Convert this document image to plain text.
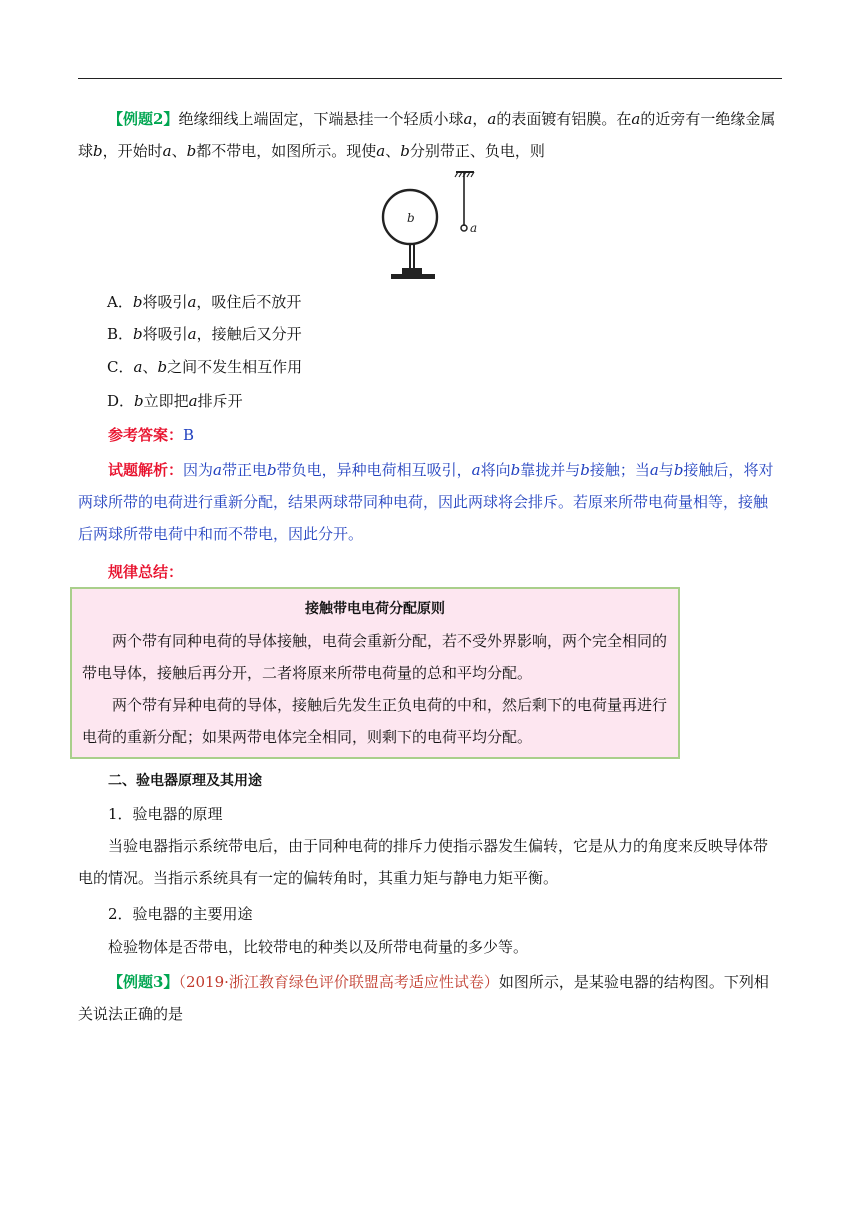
【例题2】绝缘细线上端固定，下端悬挂一个轻质小球a，a的表面镀有铝膜。在a的近旁有一绝缘金属球b，开始时a、b都不带电，如图所示。现使a、b分别带正、负电，则
b
a
A．b将吸引a，吸住后不放开
B．b将吸引a，接触后又分开
C．a、b之间不发生相互作用
D．b立即把a排斥开
参考答案：B
试题解析：因为a带正电b带负电，异种电荷相互吸引，a将向b靠拢并与b接触；当a与b接触后，将对两球所带的电荷进行重新分配，结果两球带同种电荷，因此两球将会排斥。若原来所带电荷量相等，接触后两球所带电荷中和而不带电，因此分开。
规律总结：
接触带电电荷分配原则
两个带有同种电荷的导体接触，电荷会重新分配，若不受外界影响，两个完全相同的带电导体，接触后再分开，二者将原来所带电荷量的总和平均分配。
两个带有异种电荷的导体，接触后先发生正负电荷的中和，然后剩下的电荷量再进行电荷的重新分配；如果两带电体完全相同，则剩下的电荷平均分配。
二、验电器原理及其用途
1．验电器的原理
当验电器指示系统带电后，由于同种电荷的排斥力使指示器发生偏转，它是从力的角度来反映导体带电的情况。当指示系统具有一定的偏转角时，其重力矩与静电力矩平衡。
2．验电器的主要用途
检验物体是否带电，比较带电的种类以及所带电荷量的多少等。
【例题3】（2019·浙江教育绿色评价联盟高考适应性试卷）如图所示，是某验电器的结构图。下列相关说法正确的是
